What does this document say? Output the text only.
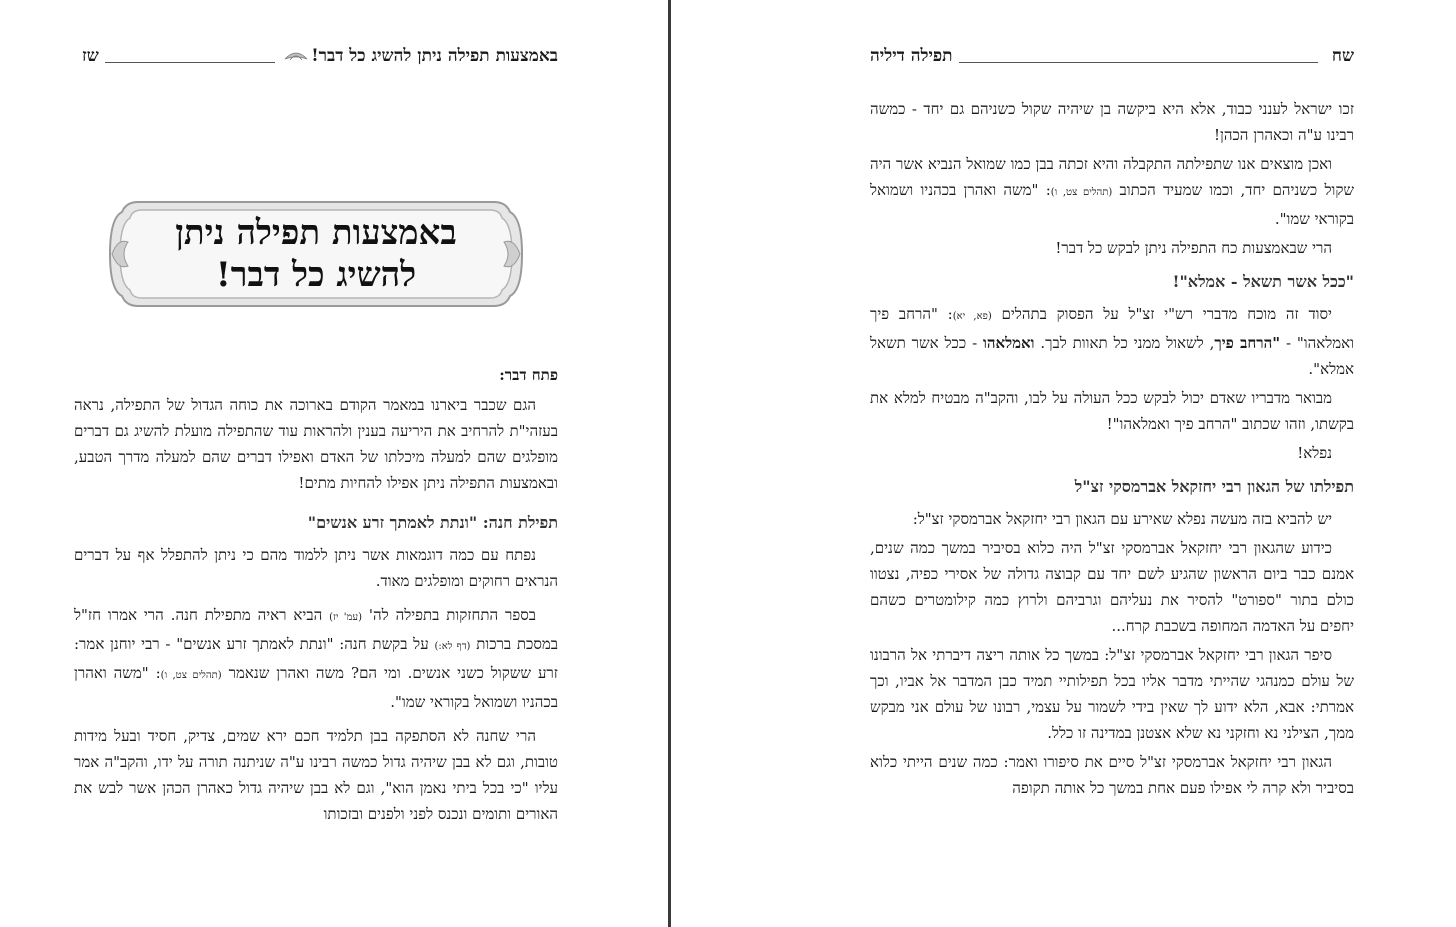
באמצעות תפילה ניתן להשיג כל דבר!
שז
באמצעות תפילה ניתן
להשיג כל דבר!
פתח דבר:

הגם שכבר ביארנו במאמר הקודם בארוכה את כוחה הגדול של התפילה, נראה בעזהי"ת להרחיב את היריעה בענין ולהראות עוד שהתפילה מועלת להשיג גם דברים מופלגים שהם למעלה מיכלתו של האדם ואפילו דברים שהם למעלה מדרך הטבע, ובאמצעות התפילה ניתן אפילו להחיות מתים!

תפילת חנה: "ונתת לאמתך זרע אנשים"

נפתח עם כמה דוגמאות אשר ניתן ללמוד מהם כי ניתן להתפלל אף על דברים הנראים רחוקים ומופלגים מאוד.

בספר התחזקות בתפילה לה' (עמ' יז) הביא ראיה מתפילת חנה. הרי אמרו חז"ל במסכת ברכות (דף לא:) על בקשת חנה: "ונתת לאמתך זרע אנשים" - רבי יוחנן אמר: זרע ששקול כשני אנשים. ומי הם? משה ואהרן שנאמר (תהלים צט, ו): "משה ואהרן בכהניו ושמואל בקוראי שמו".

הרי שחנה לא הסתפקה בבן תלמיד חכם ירא שמים, צדיק, חסיד ובעל מידות טובות, וגם לא בבן שיהיה גדול כמשה רבינו ע"ה שניתנה תורה על ידו, והקב"ה אמר עליו "כי בכל ביתי נאמן הוא", וגם לא בבן שיהיה גדול כאהרן הכהן אשר לבש את האורים ותומים ונכנס לפני ולפנים ובזכותו

שח
תפילה דיליה

זכו ישראל לענני כבוד, אלא היא ביקשה בן שיהיה שקול כשניהם גם יחד - כמשה רבינו ע"ה וכאהרן הכהן!

ואכן מוצאים אנו שתפילתה התקבלה והיא זכתה בבן כמו שמואל הנביא אשר היה שקול כשניהם יחד, וכמו שמעיד הכתוב (תהלים צט, ו): "משה ואהרן בכהניו ושמואל בקוראי שמו".

הרי שבאמצעות כח התפילה ניתן לבקש כל דבר!

"ככל אשר תשאל - אמלא"!

יסוד זה מוכח מדברי רש"י זצ"ל על הפסוק בתהלים (פא, יא): "הרחב פיך ואמלאהו" - "הרחב פיך, לשאול ממני כל תאוות לבך. ואמלאהו - ככל אשר תשאל אמלא".

מבואר מדבריו שאדם יכול לבקש ככל העולה על לבו, והקב"ה מבטיח למלא את בקשתו, וזהו שכתוב "הרחב פיך ואמלאהו"!

נפלא!

תפילתו של הגאון רבי יחזקאל אברמסקי זצ"ל

יש להביא בזה מעשה נפלא שאירע עם הגאון רבי יחזקאל אברמסקי זצ"ל:

כידוע שהגאון רבי יחזקאל אברמסקי זצ"ל היה כלוא בסיביר במשך כמה שנים, אמנם כבר ביום הראשון שהגיע לשם יחד עם קבוצה גדולה של אסירי כפיה, נצטוו כולם בתור "ספורט" להסיר את נעליהם וגרביהם ולרוץ כמה קילומטרים כשהם יחפים על האדמה המחופה בשכבת קרח...

סיפר הגאון רבי יחזקאל אברמסקי זצ"ל: במשך כל אותה ריצה דיברתי אל הרבונו של עולם כמנהגי שהייתי מדבר אליו בכל תפילותיי תמיד כבן המדבר אל אביו, וכך אמרתי: אבא, הלא ידוע לך שאין בידי לשמור על עצמי, רבונו של עולם אני מבקש ממך, הצילני נא וחזקני נא שלא אצטנן במדינה זו כלל.

הגאון רבי יחזקאל אברמסקי זצ"ל סיים את סיפורו ואמר: כמה שנים הייתי כלוא בסיביר ולא קרה לי אפילו פעם אחת במשך כל אותה תקופה
